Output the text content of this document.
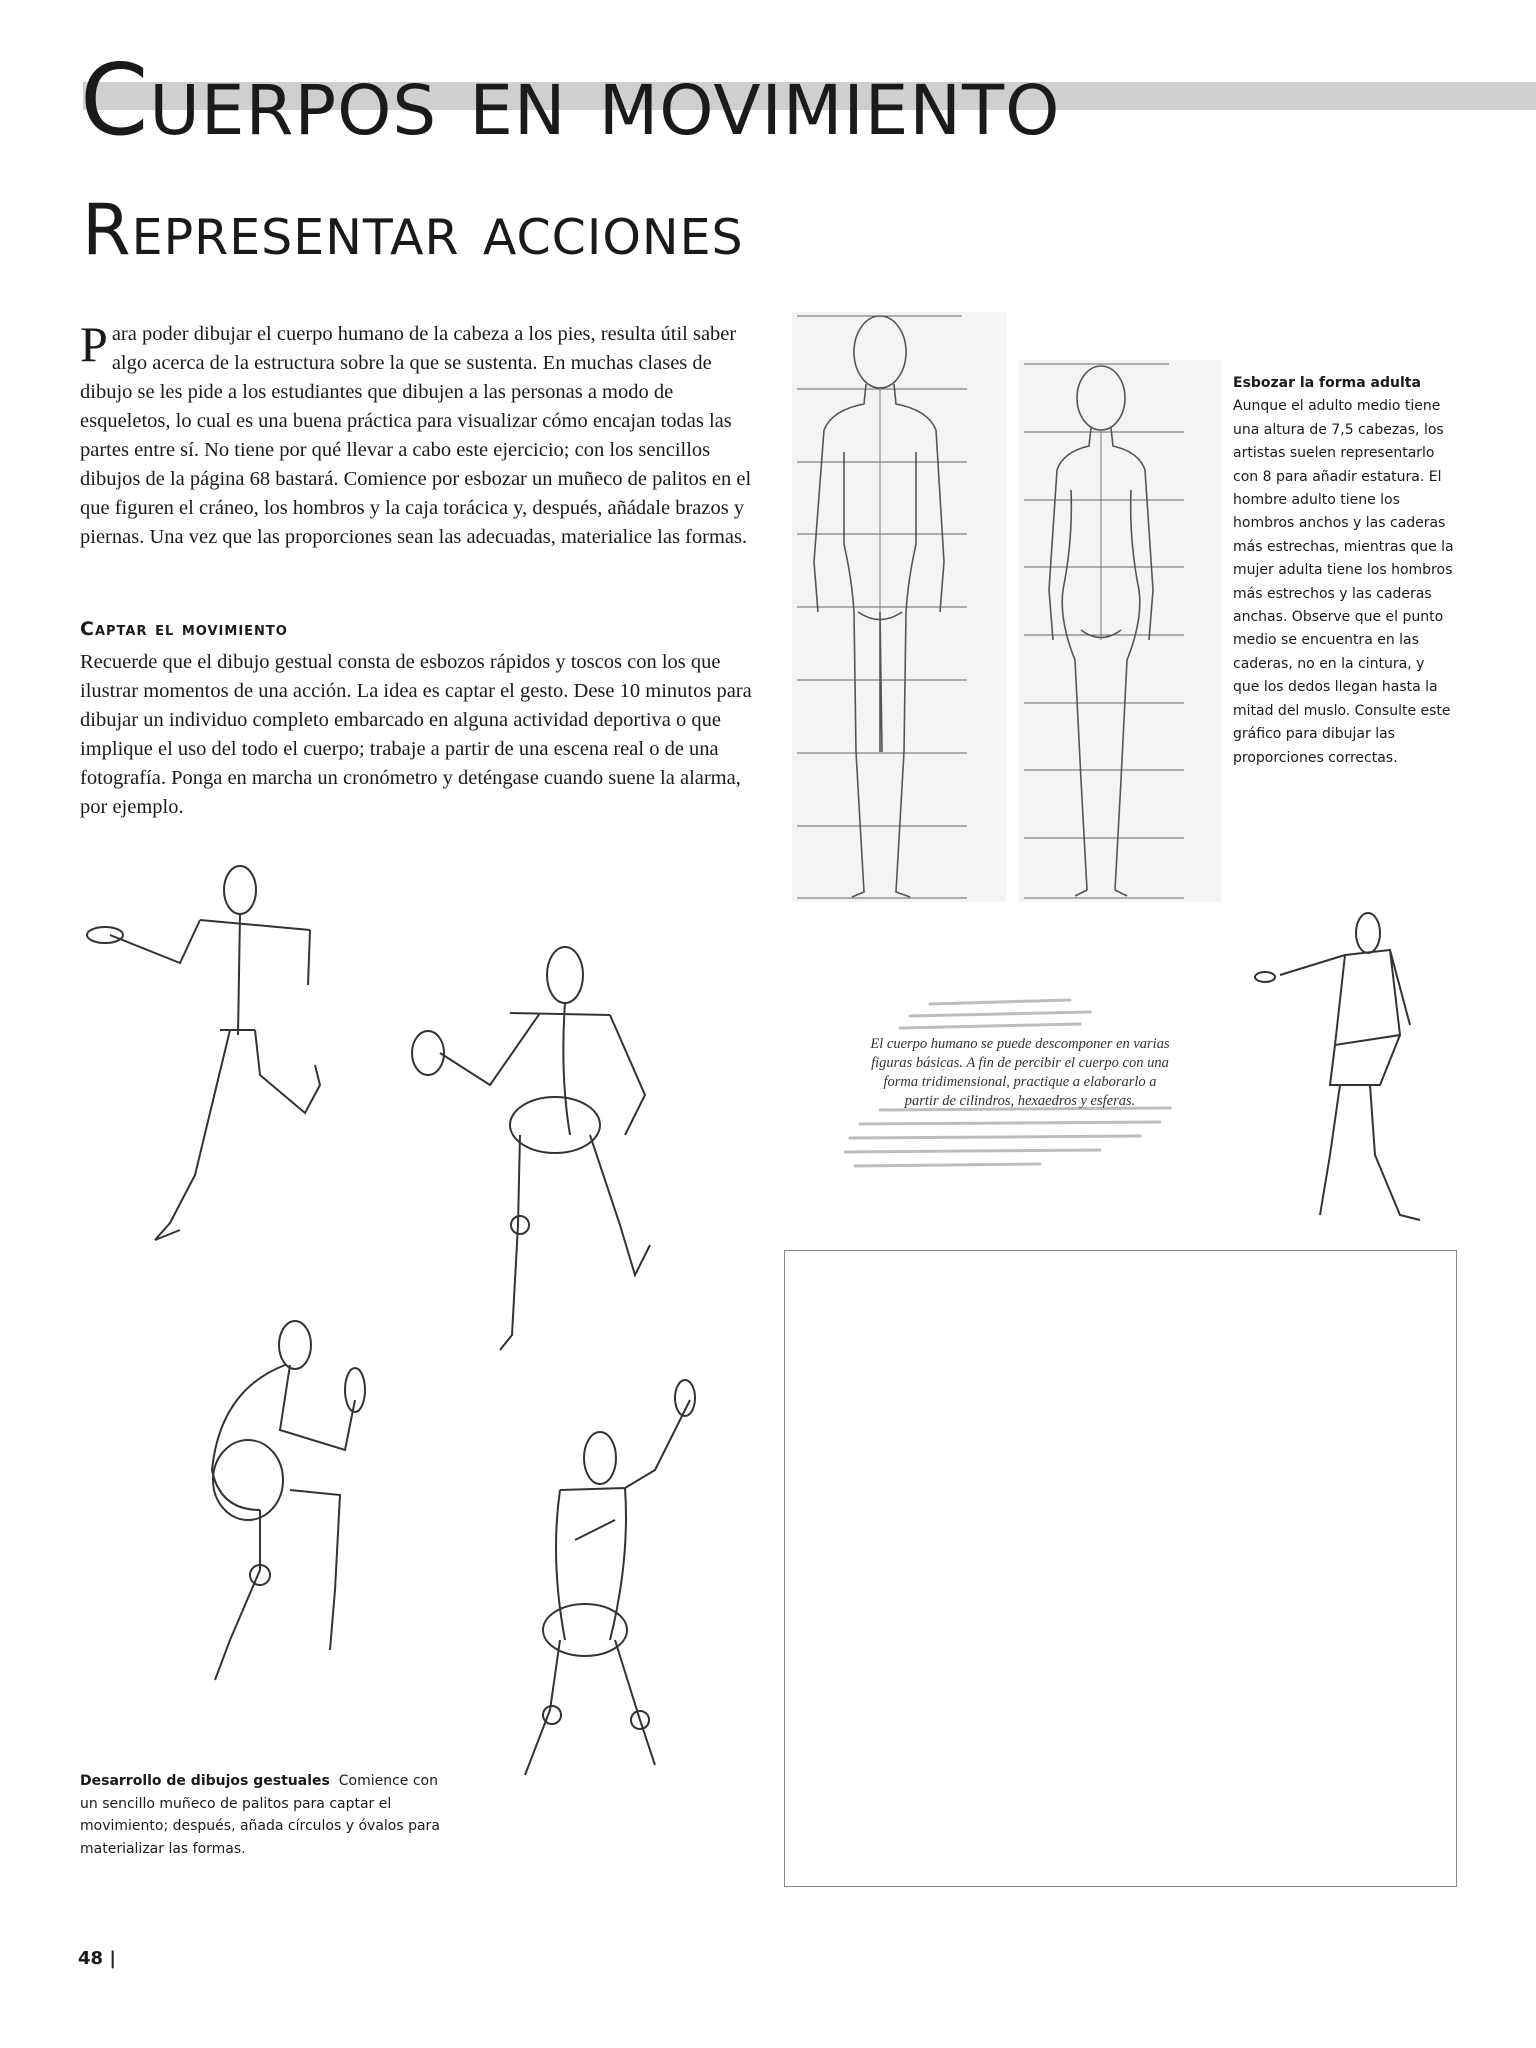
Cuerpos en movimiento
Representar acciones

Para poder dibujar el cuerpo humano de la cabeza a los pies, resulta útil saber algo acerca de la estructura sobre la que se sustenta. En muchas clases de dibujo se les pide a los estudiantes que dibujen a las personas a modo de esqueletos, lo cual es una buena práctica para visualizar cómo encajan todas las partes entre sí. No tiene por qué llevar a cabo este ejercicio; con los sencillos dibujos de la página 68 bastará. Comience por esbozar un muñeco de palitos en el que figuren el cráneo, los hombros y la caja torácica y, después, añádale brazos y piernas. Una vez que las proporciones sean las adecuadas, materialice las formas.

Captar el movimiento

Recuerde que el dibujo gestual consta de esbozos rápidos y toscos con los que ilustrar momentos de una acción. La idea es captar el gesto. Dese 10 minutos para dibujar un individuo completo embarcado en alguna actividad deportiva o que implique el uso del todo el cuerpo; trabaje a partir de una escena real o de una fotografía. Ponga en marcha un cronómetro y deténgase cuando suene la alarma, por ejemplo.

Esbozar la forma adulta
Aunque el adulto medio tiene una altura de 7,5 cabezas, los artistas suelen representarlo con 8 para añadir estatura. El hombre adulto tiene los hombros anchos y las caderas más estrechas, mientras que la mujer adulta tiene los hombros más estrechos y las caderas anchas. Observe que el punto medio se encuentra en las caderas, no en la cintura, y que los dedos llegan hasta la mitad del muslo. Consulte este gráfico para dibujar las proporciones correctas.

El cuerpo humano se puede descomponer en varias figuras básicas. A fin de percibir el cuerpo con una forma tridimensional, practique a elaborarlo a partir de cilindros, hexaedros y esferas.

Desarrollo de dibujos gestuales Comience con un sencillo muñeco de palitos para captar el movimiento; después, añada círculos y óvalos para materializar las formas.

48 |
